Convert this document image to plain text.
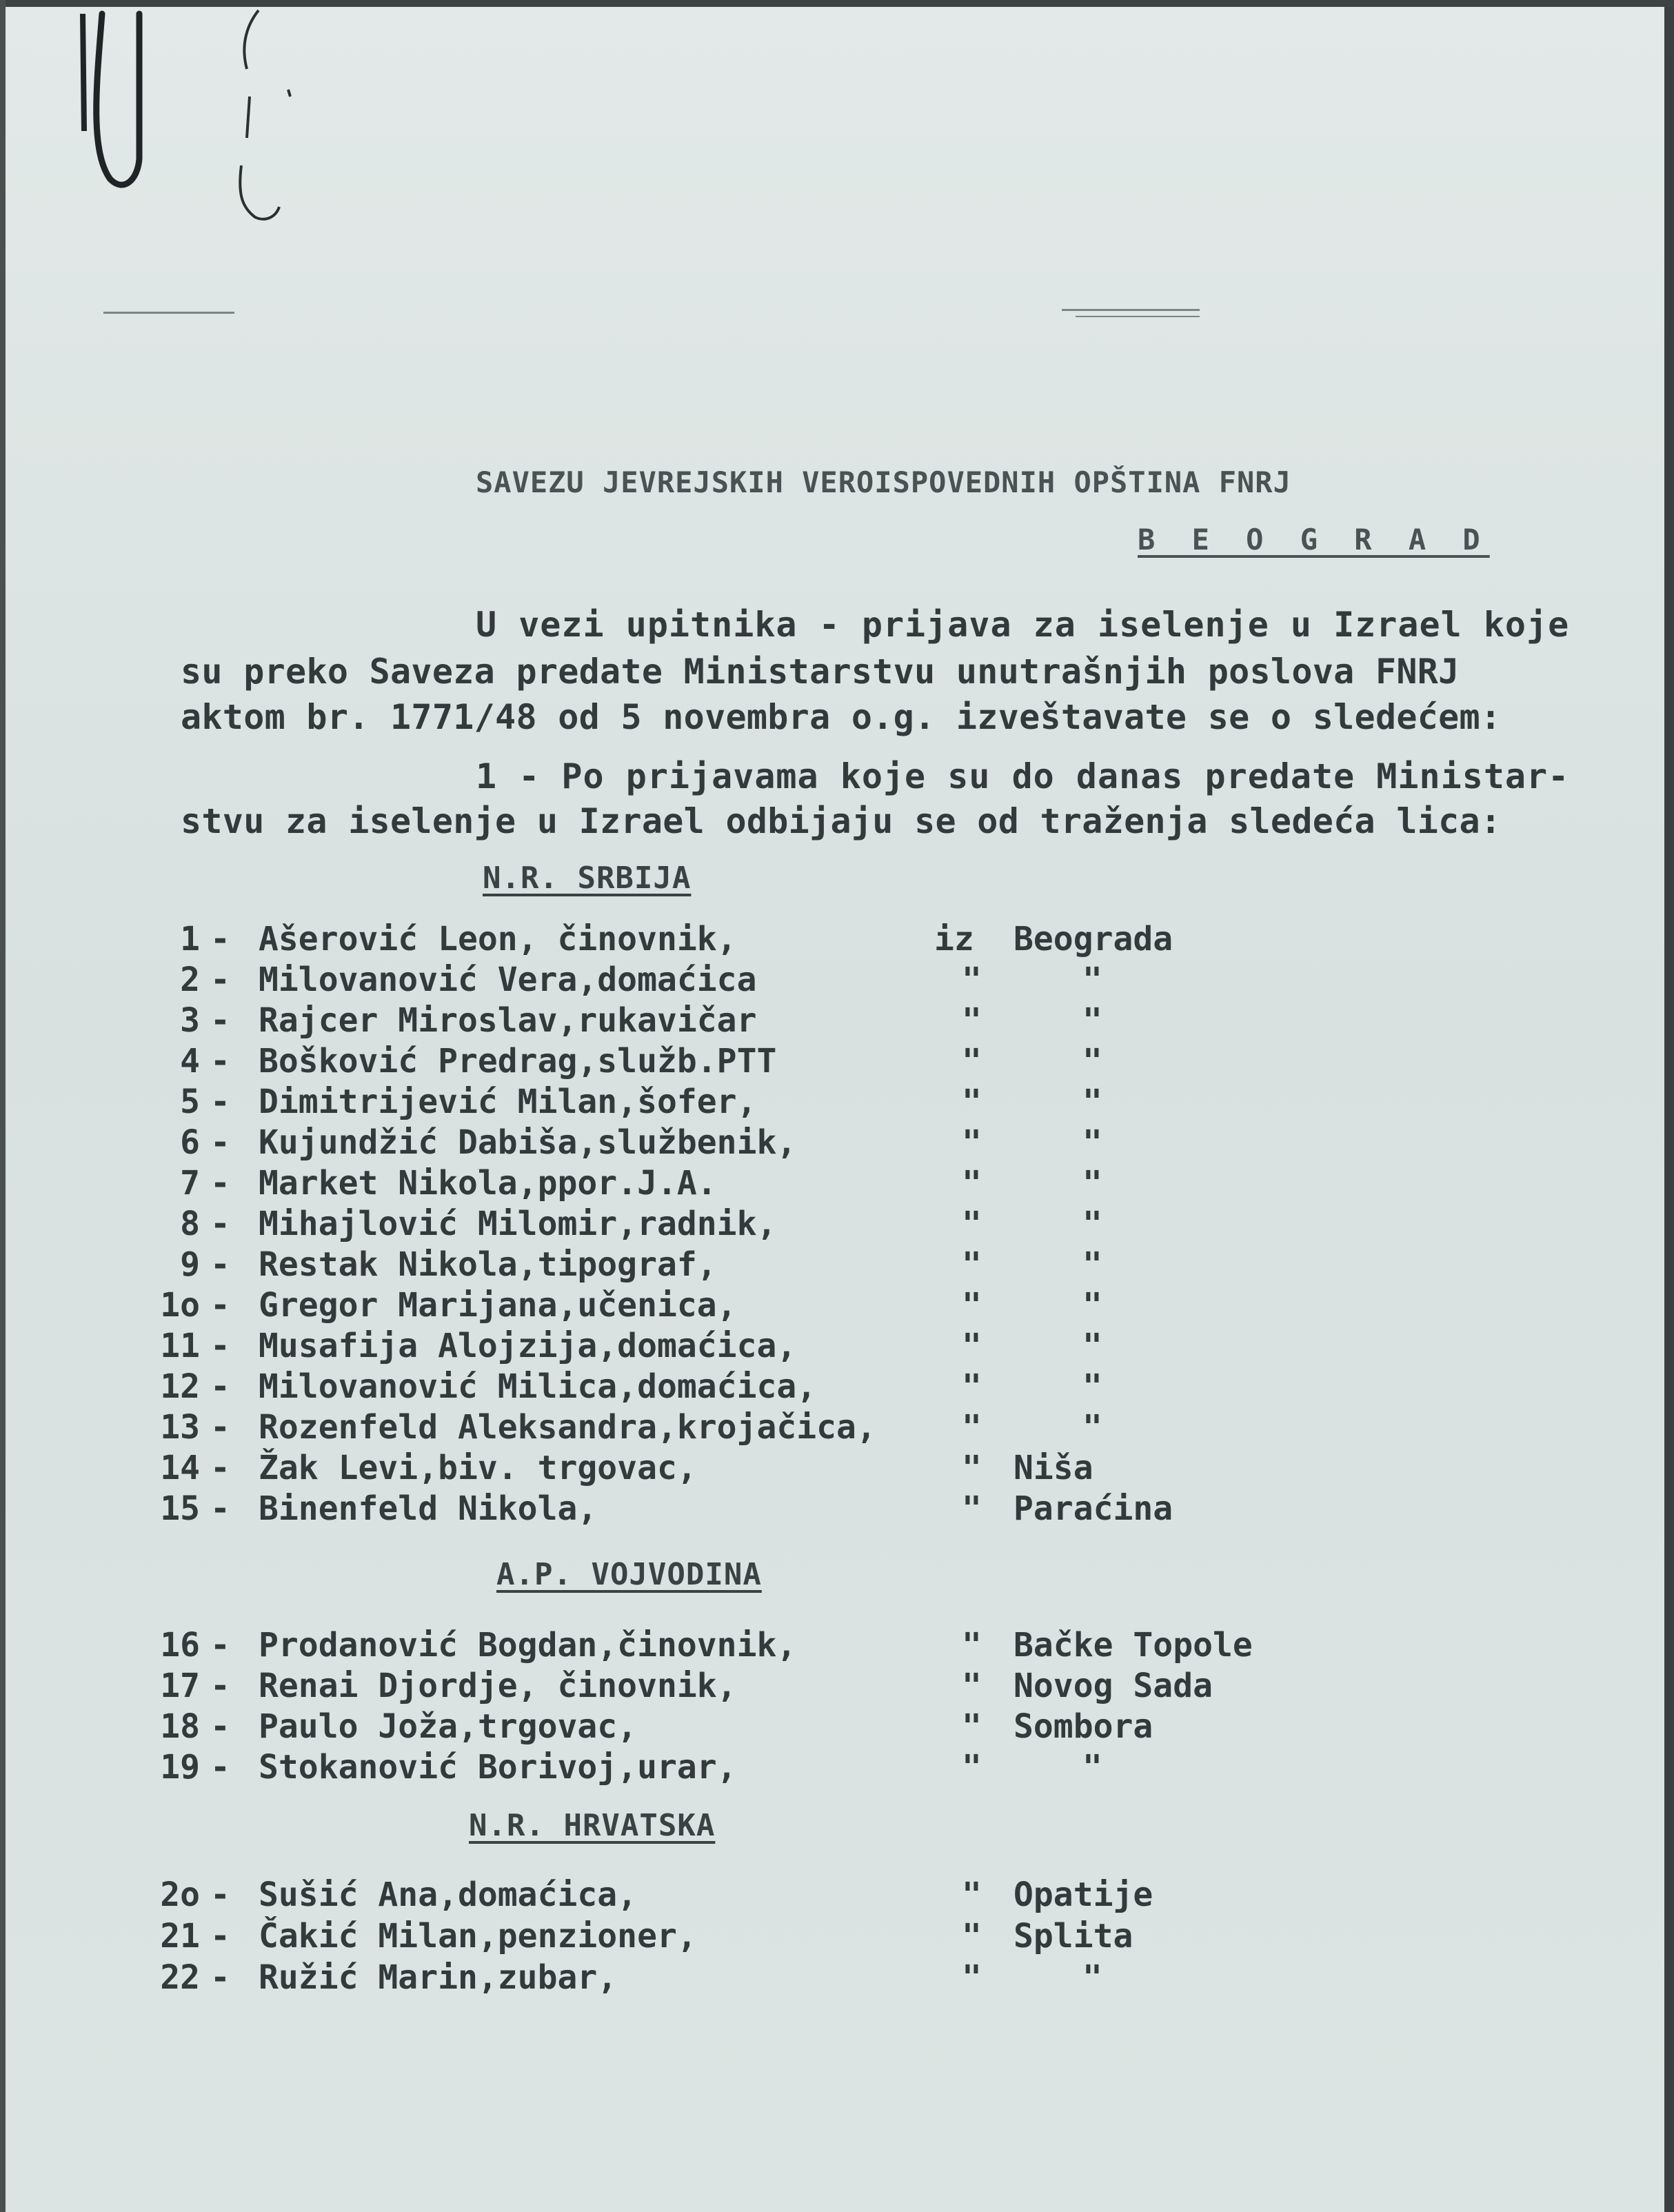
SAVEZU JEVREJSKIH VEROISPOVEDNIH OPŠTINA FNRJ
B E O G R A D
U vezi upitnika - prijava za iselenje u Izrael koje
su preko Saveza predate Ministarstvu unutrašnjih poslova FNRJ
aktom br. 1771/48 od 5 novembra o.g. izveštavate se o sledećem:
1 - Po prijavama koje su do danas predate Ministar-
stvu za iselenje u Izrael odbijaju se od traženja sledeća lica:
N.R. SRBIJA
A.P. VOJVODINA
N.R. HRVATSKA
1 - Ašerović Leon, činovnik,	iz Beograda
2 - Milovanović Vera,domaćica	"	"
3 - Rajcer Miroslav,rukavičar	"	"
4 - Bošković Predrag,služb.PTT	"	"
5 - Dimitrijević Milan,šofer,	"	"
6 - Kujundžić Dabiša,službenik,	"	"
7 - Market Nikola,ppor.J.A.	"	"
8 - Mihajlović Milomir,radnik,	"	"
9 - Restak Nikola,tipograf,	"	"
1o - Gregor Marijana,učenica,	"	"
11 - Musafija Alojzija,domaćica,	"	"
12 - Milovanović Milica,domaćica,	"	"
13 - Rozenfeld Aleksandra,krojačica,	"	"
14 - Žak Levi,biv. trgovac,	" Niša
15 - Binenfeld Nikola,	" Paraćina
16 - Prodanović Bogdan,činovnik,	" Bačke Topole
17 - Renai Djordje, činovnik,	" Novog Sada
18 - Paulo Joža,trgovac,	" Sombora
19 - Stokanović Borivoj,urar,	"	"
2o - Sušić Ana,domaćica,	" Opatije
21 - Čakić Milan,penzioner,	" Splita
22 - Ružić Marin,zubar,	"	"
